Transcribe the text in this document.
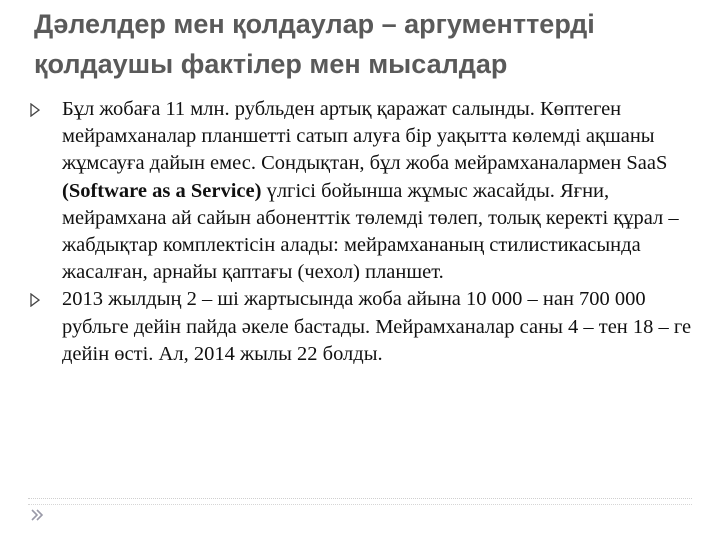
Дәлелдер мен қолдаулар – аргументтерді қолдаушы фактілер мен мысалдар
Бұл жобаға 11 млн. рубльден артық қаражат салынды. Көптеген мейрамханалар планшетті сатып алуға бір уақытта көлемді ақшаны жұмсауға дайын емес. Сондықтан, бұл жоба мейрамханалармен SaaS (Software as a Service) үлгісі бойынша жұмыс жасайды. Яғни, мейрамхана ай сайын абоненттік төлемді төлеп, толық керекті құрал – жабдықтар комплектісін алады: мейрамхананың стилистикасында жасалған, арнайы қаптағы (чехол) планшет.
2013 жылдың 2 – ші жартысында жоба айына 10 000 – нан 700 000 рубльге дейін пайда әкеле бастады. Мейрамханалар саны 4 – тен 18 – ге дейін өсті. Ал, 2014 жылы 22 болды.
